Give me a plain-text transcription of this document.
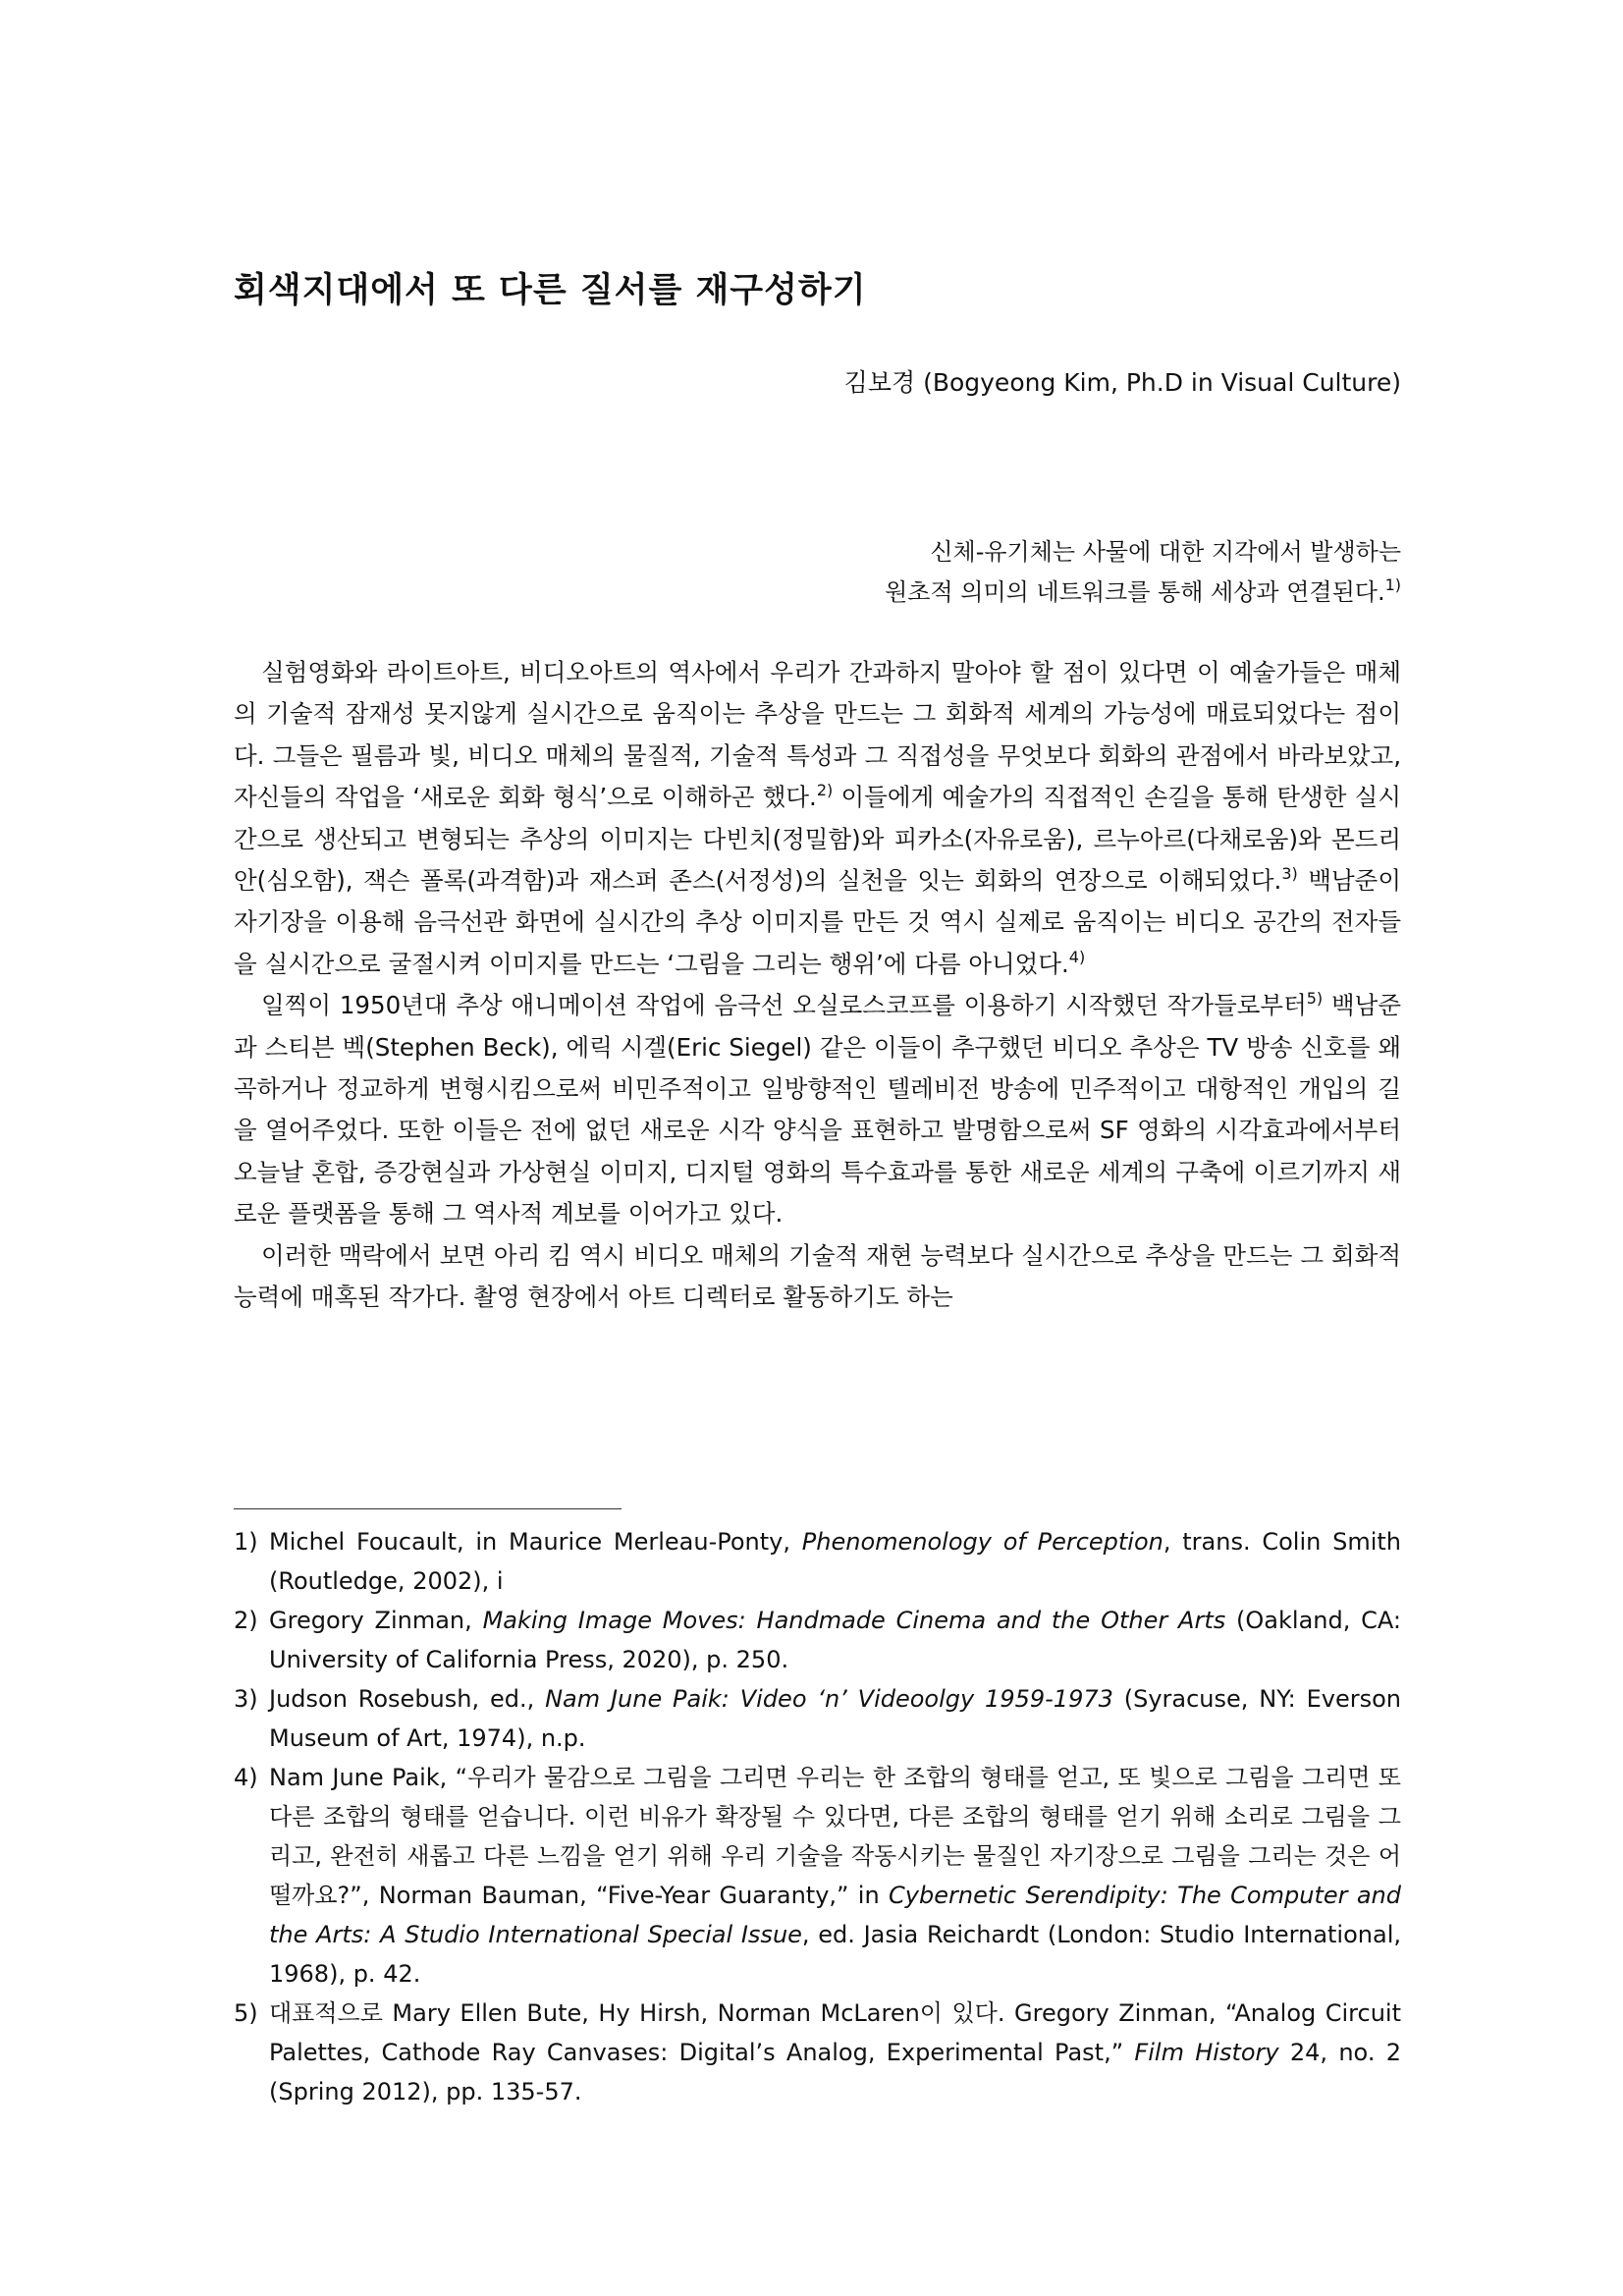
회색지대에서 또 다른 질서를 재구성하기
김보경 (Bogyeong Kim, Ph.D in Visual Culture)
신체-유기체는 사물에 대한 지각에서 발생하는
원초적 의미의 네트워크를 통해 세상과 연결된다.$^{1)}$

실험영화와 라이트아트, 비디오아트의 역사에서 우리가 간과하지 말아야 할 점이 있다면 이 예술가들은 매체의 기술적 잠재성 못지않게 실시간으로 움직이는 추상을 만드는 그 회화적 세계의 가능성에 매료되었다는 점이다. 그들은 필름과 빛, 비디오 매체의 물질적, 기술적 특성과 그 직접성을 무엇보다 회화의 관점에서 바라보았고, 자신들의 작업을 ‘새로운 회화 형식’으로 이해하곤 했다.$^{2)}$ 이들에게 예술가의 직접적인 손길을 통해 탄생한 실시간으로 생산되고 변형되는 추상의 이미지는 다빈치(정밀함)와 피카소(자유로움), 르누아르(다채로움)와 몬드리안(심오함), 잭슨 폴록(과격함)과 재스퍼 존스(서정성)의 실천을 잇는 회화의 연장으로 이해되었다.$^{3)}$ 백남준이 자기장을 이용해 음극선관 화면에 실시간의 추상 이미지를 만든 것 역시 실제로 움직이는 비디오 공간의 전자들을 실시간으로 굴절시켜 이미지를 만드는 ‘그림을 그리는 행위’에 다름 아니었다.$^{4)}$

일찍이 1950년대 추상 애니메이션 작업에 음극선 오실로스코프를 이용하기 시작했던 작가들로부터$^{5)}$ 백남준과 스티븐 벡(Stephen Beck), 에릭 시겔(Eric Siegel) 같은 이들이 추구했던 비디오 추상은 TV 방송 신호를 왜곡하거나 정교하게 변형시킴으로써 비민주적이고 일방향적인 텔레비전 방송에 민주적이고 대항적인 개입의 길을 열어주었다. 또한 이들은 전에 없던 새로운 시각 양식을 표현하고 발명함으로써 SF 영화의 시각효과에서부터 오늘날 혼합, 증강현실과 가상현실 이미지, 디지털 영화의 특수효과를 통한 새로운 세계의 구축에 이르기까지 새로운 플랫폼을 통해 그 역사적 계보를 이어가고 있다.

이러한 맥락에서 보면 아리 킴 역시 비디오 매체의 기술적 재현 능력보다 실시간으로 추상을 만드는 그 회화적 능력에 매혹된 작가다. 촬영 현장에서 아트 디렉터로 활동하기도 하는

1) Michel Foucault, in Maurice Merleau-Ponty, Phenomenology of Perception, trans. Colin Smith (Routledge, 2002), i
2) Gregory Zinman, Making Image Moves: Handmade Cinema and the Other Arts (Oakland, CA: University of California Press, 2020), p. 250.
3) Judson Rosebush, ed., Nam June Paik: Video ‘n’ Videoolgy 1959-1973 (Syracuse, NY: Everson Museum of Art, 1974), n.p.
4) Nam June Paik, “우리가 물감으로 그림을 그리면 우리는 한 조합의 형태를 얻고, 또 빛으로 그림을 그리면 또 다른 조합의 형태를 얻습니다. 이런 비유가 확장될 수 있다면, 다른 조합의 형태를 얻기 위해 소리로 그림을 그리고, 완전히 새롭고 다른 느낌을 얻기 위해 우리 기술을 작동시키는 물질인 자기장으로 그림을 그리는 것은 어떨까요?”, Norman Bauman, “Five-Year Guaranty,” in Cybernetic Serendipity: The Computer and the Arts: A Studio International Special Issue, ed. Jasia Reichardt (London: Studio International, 1968), p. 42.
5) 대표적으로 Mary Ellen Bute, Hy Hirsh, Norman McLaren이 있다. Gregory Zinman, “Analog Circuit Palettes, Cathode Ray Canvases: Digital’s Analog, Experimental Past,” Film History 24, no. 2 (Spring 2012), pp. 135-57.
